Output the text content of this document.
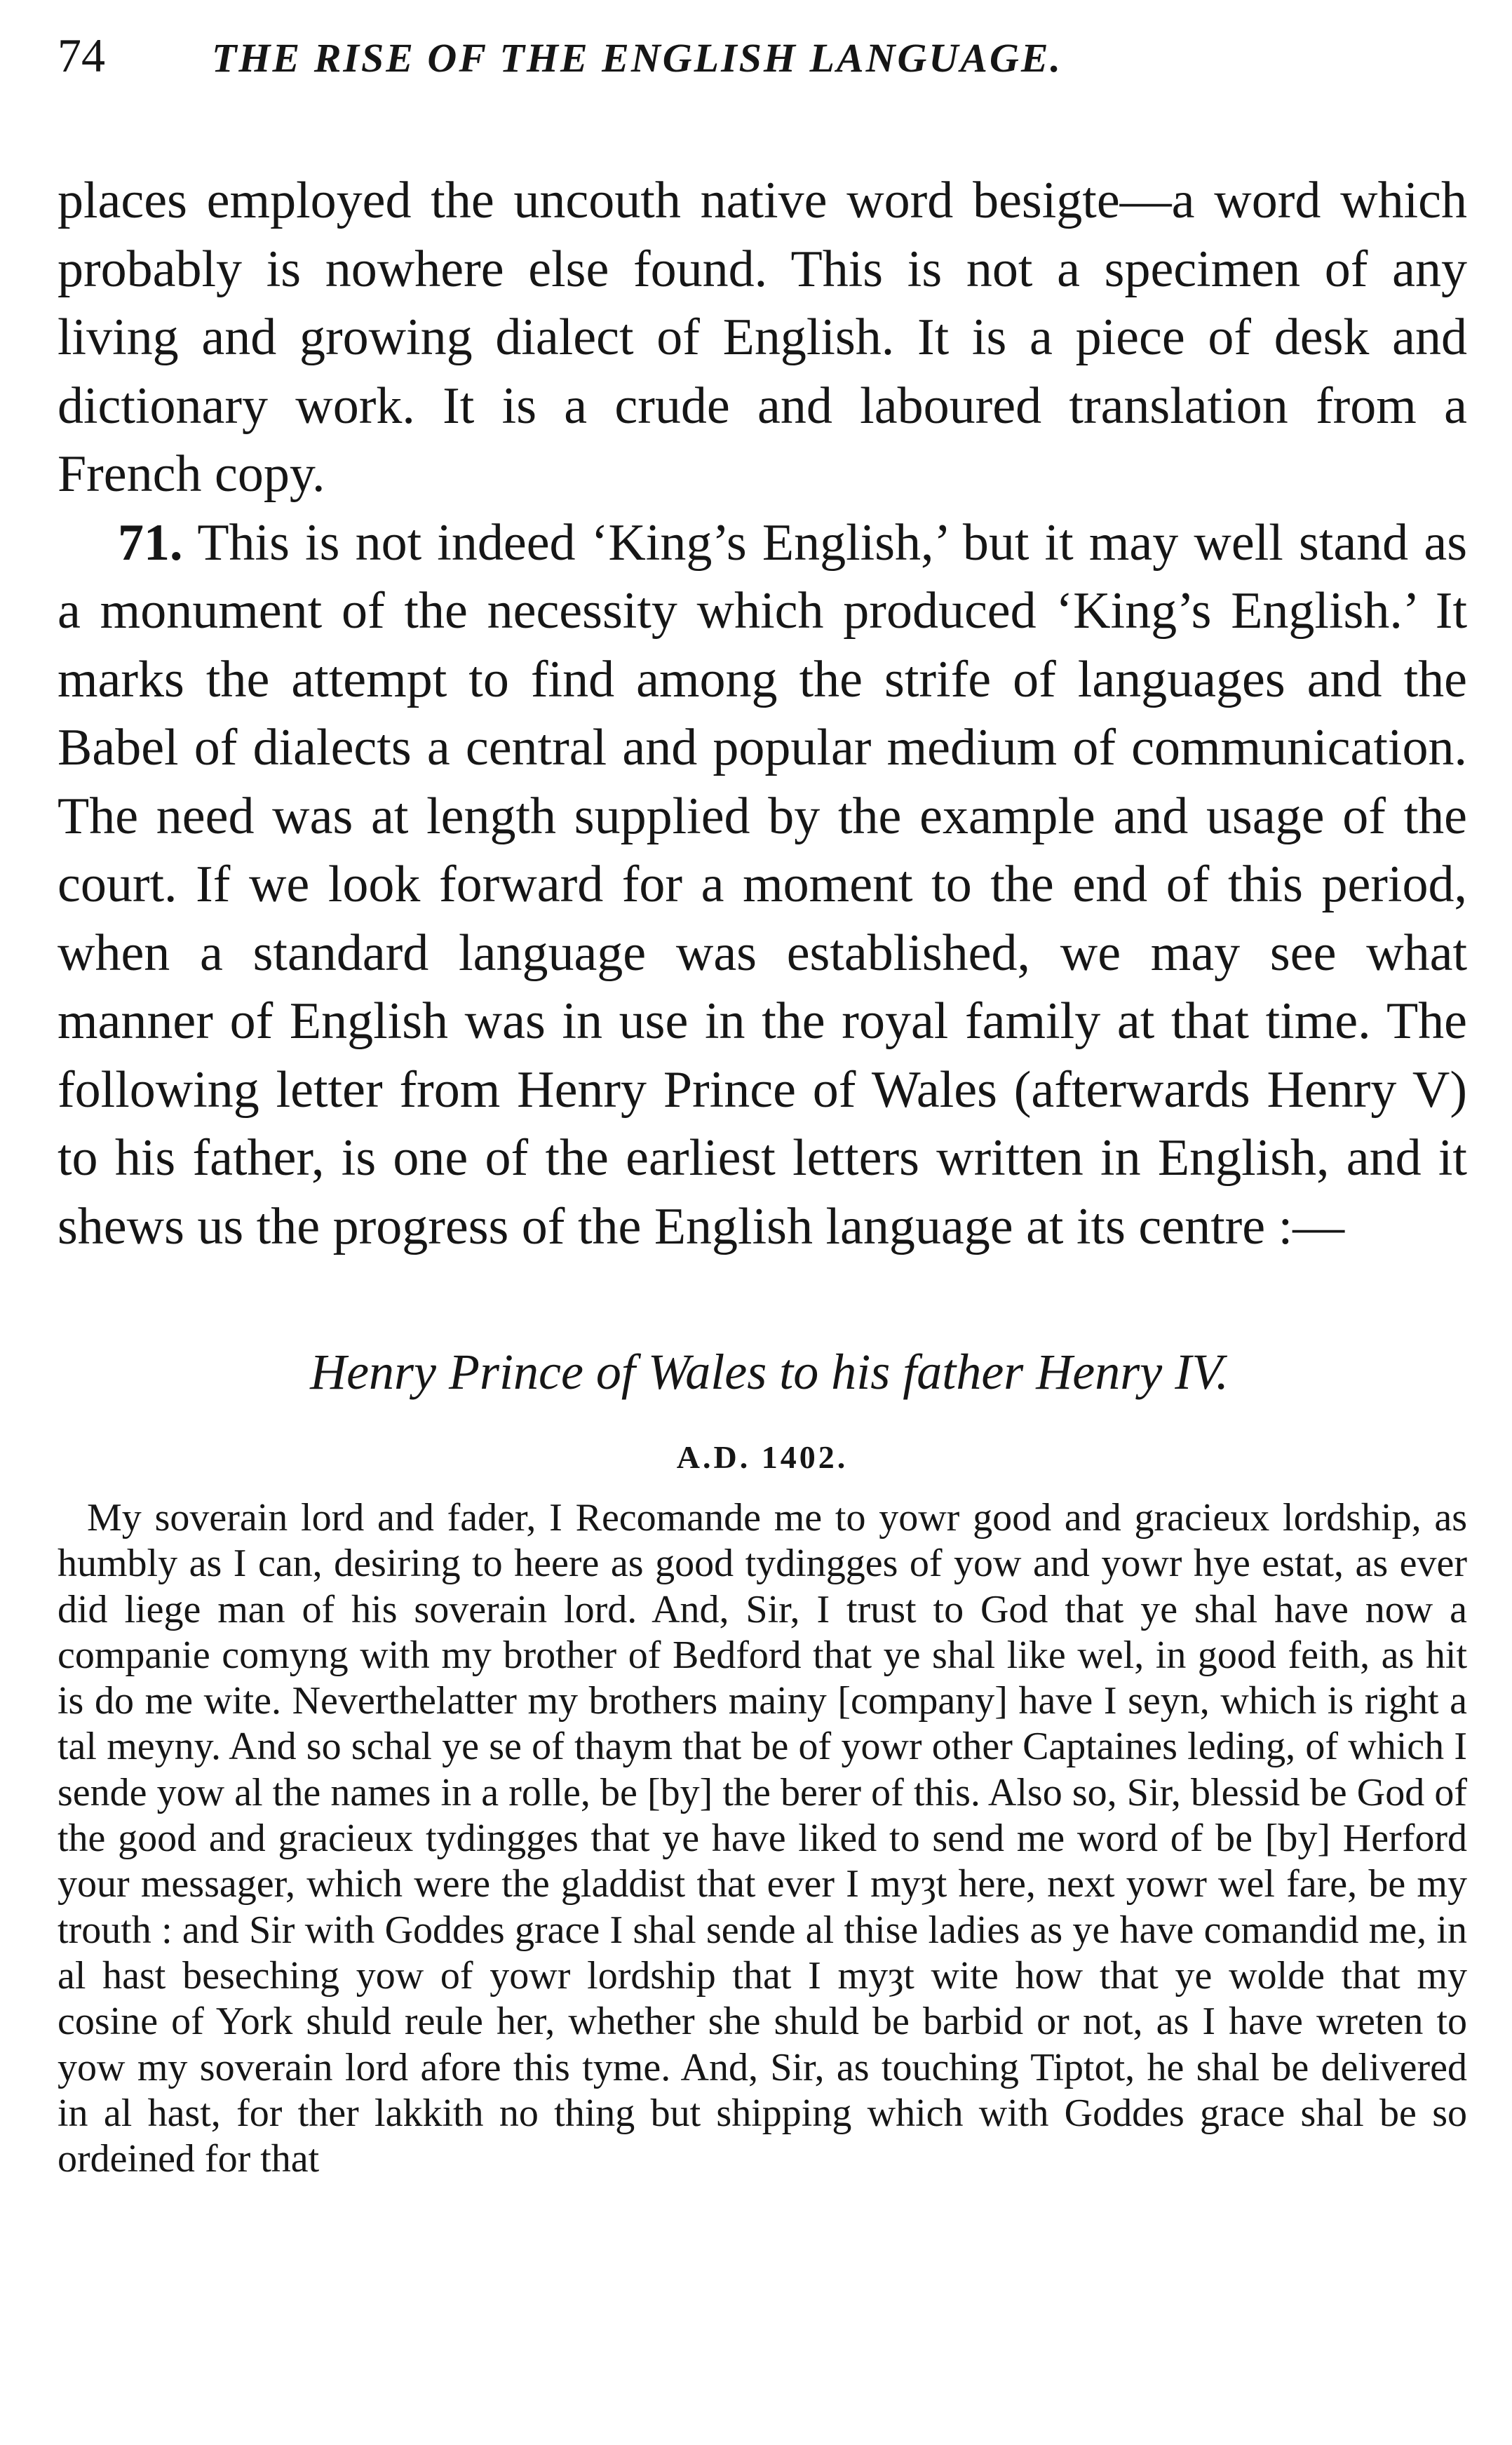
74	THE RISE OF THE ENGLISH LANGUAGE.

places employed the uncouth native word besigte—a word which probably is nowhere else found. This is not a specimen of any living and growing dialect of English. It is a piece of desk and dictionary work. It is a crude and laboured translation from a French copy.

71. This is not indeed ‘King’s English,’ but it may well stand as a monument of the necessity which produced ‘King’s English.’ It marks the attempt to find among the strife of languages and the Babel of dialects a central and popular medium of communication. The need was at length supplied by the example and usage of the court. If we look forward for a moment to the end of this period, when a standard language was established, we may see what manner of English was in use in the royal family at that time. The following letter from Henry Prince of Wales (afterwards Henry V) to his father, is one of the earliest letters written in English, and it shews us the progress of the English language at its centre :—

Henry Prince of Wales to his father Henry IV.
A.D. 1402.

My soverain lord and fader, I Recomande me to yowr good and gracieux lordship, as humbly as I can, desiring to heere as good tydingges of yow and yowr hye estat, as ever did liege man of his soverain lord. And, Sir, I trust to God that ye shal have now a companie comyng with my brother of Bedford that ye shal like wel, in good feith, as hit is do me wite. Neverthelatter my brothers mainy [company] have I seyn, which is right a tal meyny. And so schal ye se of thaym that be of yowr other Captaines leding, of which I sende yow al the names in a rolle, be [by] the berer of this. Also so, Sir, blessid be God of the good and gracieux tydingges that ye have liked to send me word of be [by] Herford your messager, which were the gladdist that ever I myȝt here, next yowr wel fare, be my trouth : and Sir with Goddes grace I shal sende al thise ladies as ye have comandid me, in al hast beseching yow of yowr lordship that I myȝt wite how that ye wolde that my cosine of York shuld reule her, whether she shuld be barbid or not, as I have wreten to yow my soverain lord afore this tyme. And, Sir, as touching Tiptot, he shal be delivered in al hast, for ther lakkith no thing but shipping which with Goddes grace shal be so ordeined for that
